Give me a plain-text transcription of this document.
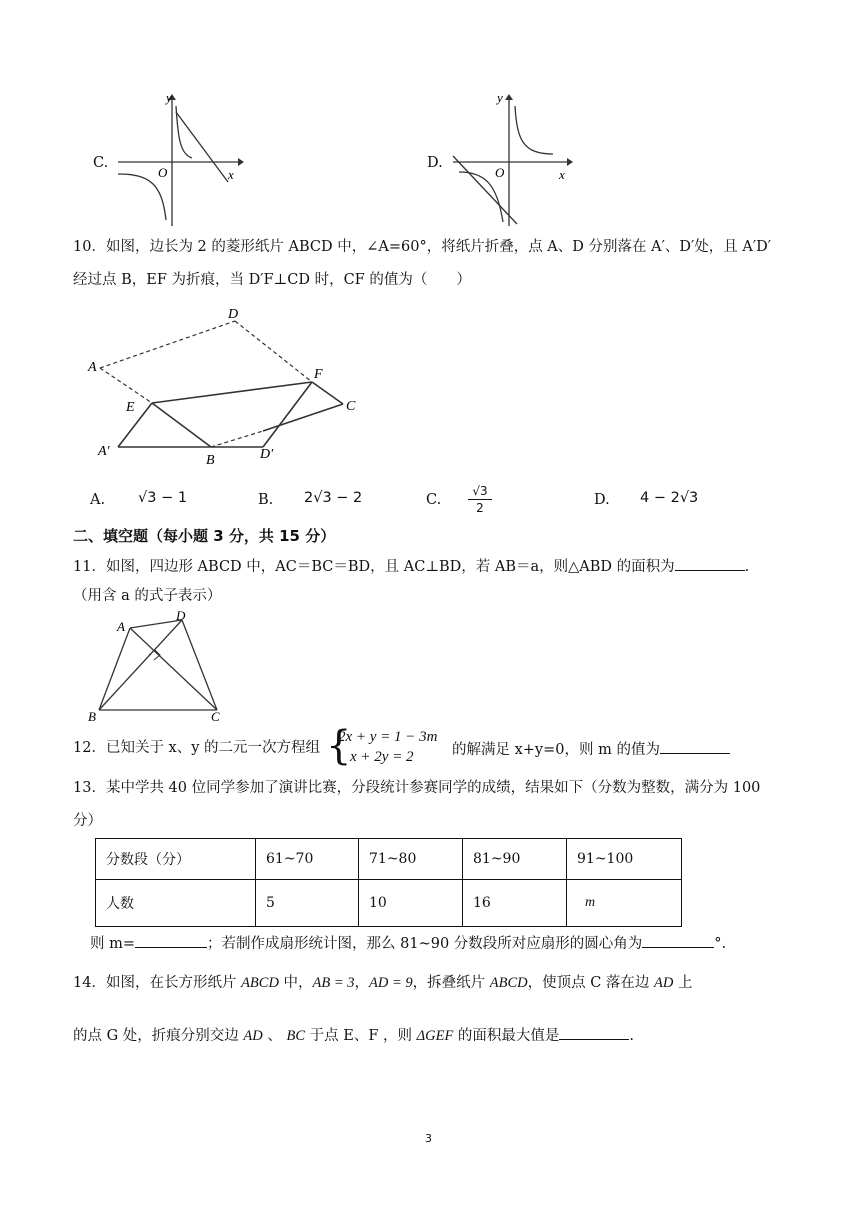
C.
y
x
O
D.
y
x
O
10．如图，边长为 2 的菱形纸片 ABCD 中，∠A=60°，将纸片折叠，点 A、D 分别落在 A′、D′处，且 A′D′
经过点 B，EF 为折痕，当 D′F⊥CD 时，CF 的值为（　　）
D
A	F
E	C
A′
B	D′
A. √3 − 1	B. 2√3 − 2	C.
√3
2	D. 4 − 2√3
二、填空题（每小题 3 分，共 15 分）
11．如图，四边形 ABCD 中，AC＝BC＝BD，且 AC⊥BD，若 AB＝a，则△ABD 的面积为	.
（用含 a 的式子表示）
A
D
B	C
12．已知关于 x、y 的二元一次方程组 {
2x + y = 1 − 3m
x + 2y = 2	的解满足 x+y=0，则 m 的值为
13．某中学共 40 位同学参加了演讲比赛，分段统计参赛同学的成绩，结果如下（分数为整数，满分为 100
分）
分数段（分）	61~70	71~80	81~90	91~100
人数	5	10	16	m
则 m=	；若制作成扇形统计图，那么 81~90 分数段所对应扇形的圆心角为	°.
14．如图，在长方形纸片 ABCD 中，AB = 3，AD = 9，拆叠纸片 ABCD，使顶点 C 落在边 AD 上
的点 G 处，折痕分别交边 AD 、 BC 于点 E、F ，则 ΔGEF 的面积最大值是	.
3
